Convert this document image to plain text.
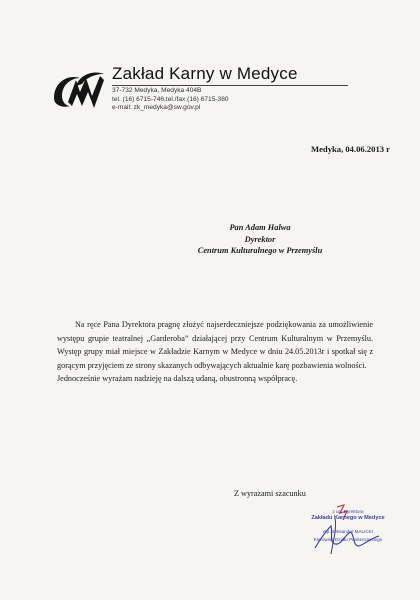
Zakład Karny w Medyce
37-732 Medyka, Medyka 404B
tel. (16) 6715-746,tel./fax (16) 6715-380
e-mail: zk_medyka@sw.gov.pl
Medyka, 04.06.2013 r
Pan Adam Halwa
Dyrektor
Centrum Kulturalnego w Przemyślu

Na ręce Pana Dyrektora pragnę złożyć najserdeczniejsze podziękowania za umożliwienie występu grupie teatralnej „Garderoba” działającej przy Centrum Kulturalnym w Przemyślu. Występ grupy miał miejsce w Zakładzie Karnym w Medyce w dniu 24.05.2013r i spotkał się z gorącym przyjęciem ze strony skazanych odbywających aktualnie karę pozbawienia wolności.

Jednocześnie wyrażam nadzieję na dalszą udaną, obustronną współpracę.

Z wyrazami szacunku
z up. Dyrektora
Zakładu Karnego w Medyce
mjr Aleksander MALICKI
Kierownik Działu Penitencjarnego
